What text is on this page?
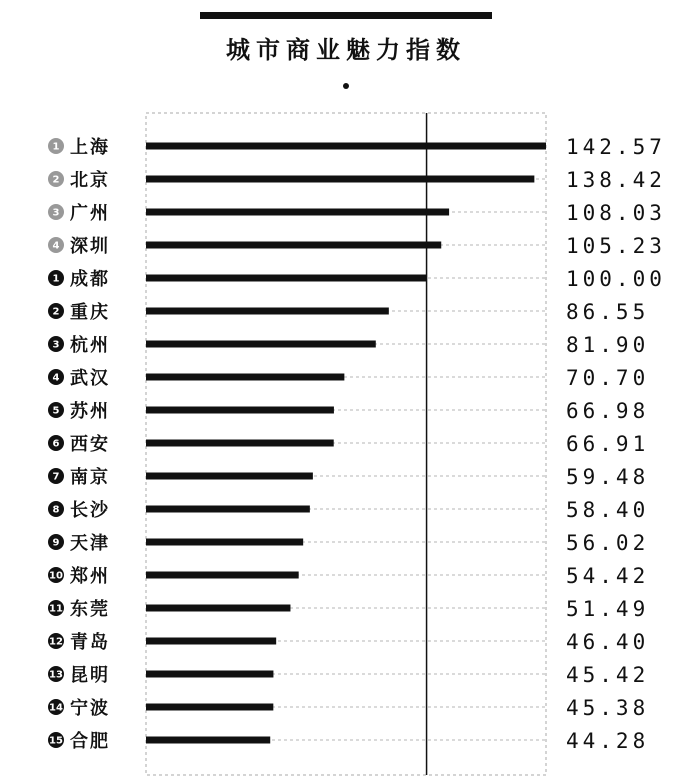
城市商业魅力指数
1 上海	142.57
2 北京	138.42
3 广州	108.03
4 深圳	105.23
1 成都	100.00
2 重庆	86.55
3 杭州	81.90
4 武汉	70.70
5 苏州	66.98
6 西安	66.91
7 南京	59.48
8 长沙	58.40
9 天津	56.02
10 郑州	54.42
11 东莞	51.49
12 青岛	46.40
13 昆明	45.42
14 宁波	45.38
15 合肥	44.28
